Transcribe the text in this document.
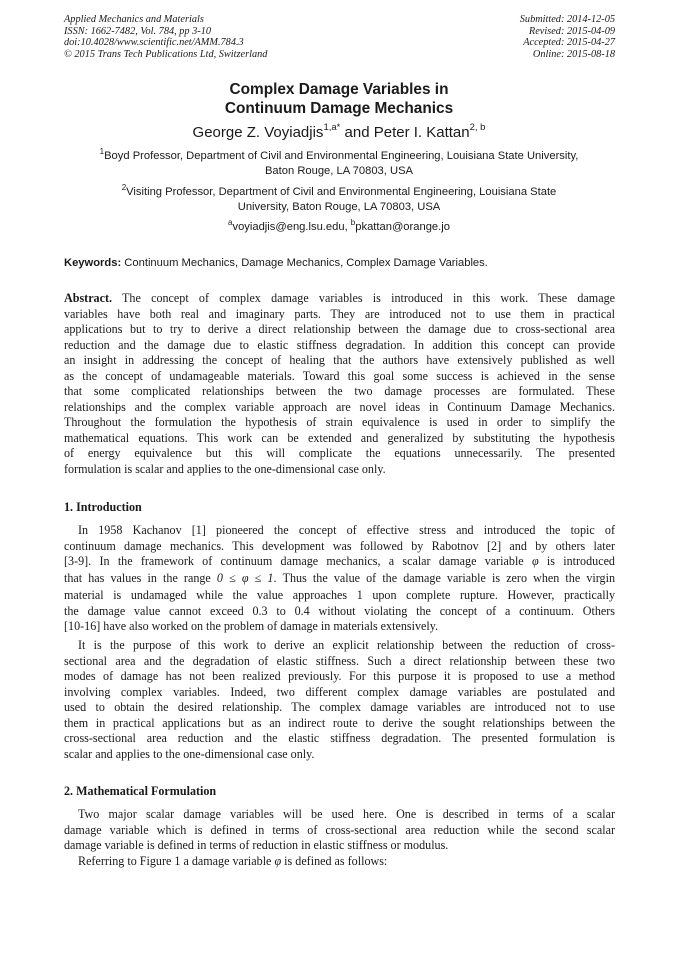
Applied Mechanics and Materials
ISSN: 1662-7482, Vol. 784, pp 3-10
doi:10.4028/www.scientific.net/AMM.784.3
© 2015 Trans Tech Publications Ltd, Switzerland
Submitted: 2014-12-05
Revised: 2015-04-09
Accepted: 2015-04-27
Online: 2015-08-18
Complex Damage Variables in
Continuum Damage Mechanics
George Z. Voyiadjis$^{1,a*}$ and Peter I. Kattan$^{2, b}$
$^1$Boyd Professor, Department of Civil and Environmental Engineering, Louisiana State University,
Baton Rouge, LA 70803, USA
$^2$Visiting Professor, Department of Civil and Environmental Engineering, Louisiana State
University, Baton Rouge, LA 70803, USA
$^a$voyiadjis@eng.lsu.edu, $^b$pkattan@orange.jo
Keywords: Continuum Mechanics, Damage Mechanics, Complex Damage Variables.
Abstract. The concept of complex damage variables is introduced in this work. These damage
variables have both real and imaginary parts. They are introduced not to use them in practical
applications but to try to derive a direct relationship between the damage due to cross-sectional area
reduction and the damage due to elastic stiffness degradation. In addition this concept can provide
an insight in addressing the concept of healing that the authors have extensively published as well
as the concept of undamageable materials. Toward this goal some success is achieved in the sense
that some complicated relationships between the two damage processes are formulated. These
relationships and the complex variable approach are novel ideas in Continuum Damage Mechanics.
Throughout the formulation the hypothesis of strain equivalence is used in order to simplify the
mathematical equations. This work can be extended and generalized by substituting the hypothesis
of energy equivalence but this will complicate the equations unnecessarily. The presented
formulation is scalar and applies to the one-dimensional case only.
1. Introduction
In 1958 Kachanov [1] pioneered the concept of effective stress and introduced the topic of
continuum damage mechanics. This development was followed by Rabotnov [2] and by others later
[3-9]. In the framework of continuum damage mechanics, a scalar damage variable φ is introduced
that has values in the range 0 ≤ φ ≤ 1. Thus the value of the damage variable is zero when the virgin
material is undamaged while the value approaches 1 upon complete rupture. However, practically
the damage value cannot exceed 0.3 to 0.4 without violating the concept of a continuum. Others
[10-16] have also worked on the problem of damage in materials extensively.
It is the purpose of this work to derive an explicit relationship between the reduction of cross-
sectional area and the degradation of elastic stiffness. Such a direct relationship between these two
modes of damage has not been realized previously. For this purpose it is proposed to use a method
involving complex variables. Indeed, two different complex damage variables are postulated and
used to obtain the desired relationship. The complex damage variables are introduced not to use
them in practical applications but as an indirect route to derive the sought relationships between the
cross-sectional area reduction and the elastic stiffness degradation. The presented formulation is
scalar and applies to the one-dimensional case only.
2. Mathematical Formulation
Two major scalar damage variables will be used here. One is described in terms of a scalar
damage variable which is defined in terms of cross-sectional area reduction while the second scalar
damage variable is defined in terms of reduction in elastic stiffness or modulus.
Referring to Figure 1 a damage variable φ is defined as follows:
